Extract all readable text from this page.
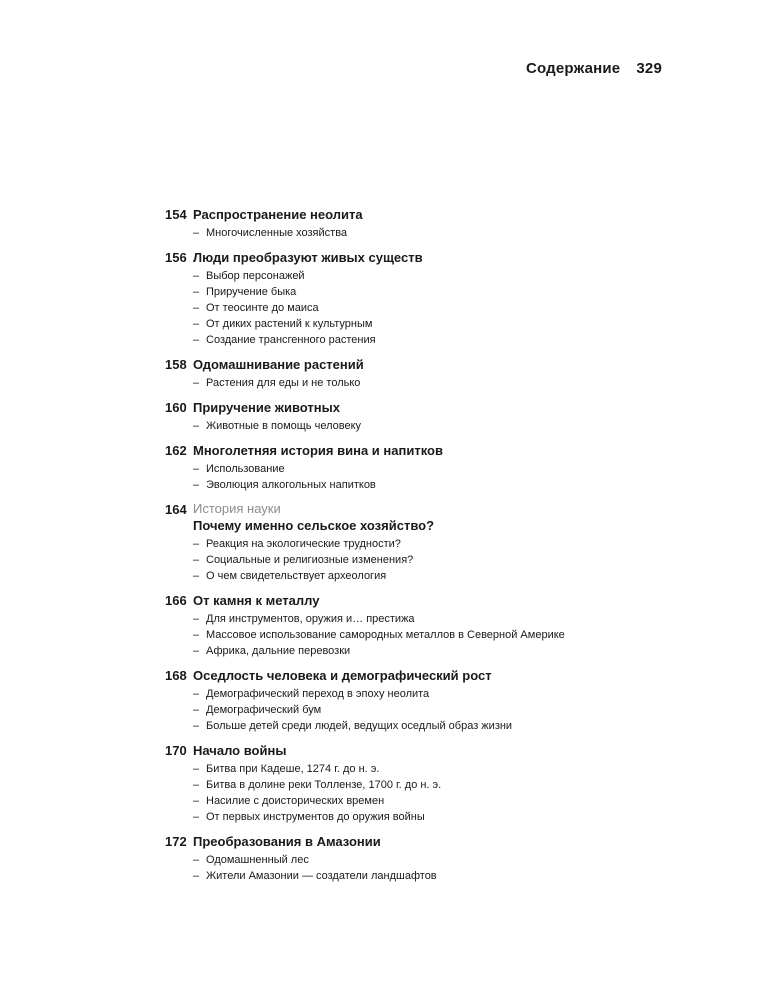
Содержание 329
154 Распространение неолита
– Многочисленные хозяйства
156 Люди преобразуют живых существ
– Выбор персонажей
– Приручение быка
– От теосинте до маиса
– От диких растений к культурным
– Создание трансгенного растения
158 Одомашнивание растений
– Растения для еды и не только
160 Приручение животных
– Животные в помощь человеку
162 Многолетняя история вина и напитков
– Использование
– Эволюция алкогольных напитков
164 История науки
Почему именно сельское хозяйство?
– Реакция на экологические трудности?
– Социальные и религиозные изменения?
– О чем свидетельствует археология
166 От камня к металлу
– Для инструментов, оружия и… престижа
– Массовое использование самородных металлов в Северной Америке
– Африка, дальние перевозки
168 Оседлость человека и демографический рост
– Демографический переход в эпоху неолита
– Демографический бум
– Больше детей среди людей, ведущих оседлый образ жизни
170 Начало войны
– Битва при Кадеше, 1274 г. до н. э.
– Битва в долине реки Толлензе, 1700 г. до н. э.
– Насилие с доисторических времен
– От первых инструментов до оружия войны
172 Преобразования в Амазонии
– Одомашненный лес
– Жители Амазонии — создатели ландшафтов
